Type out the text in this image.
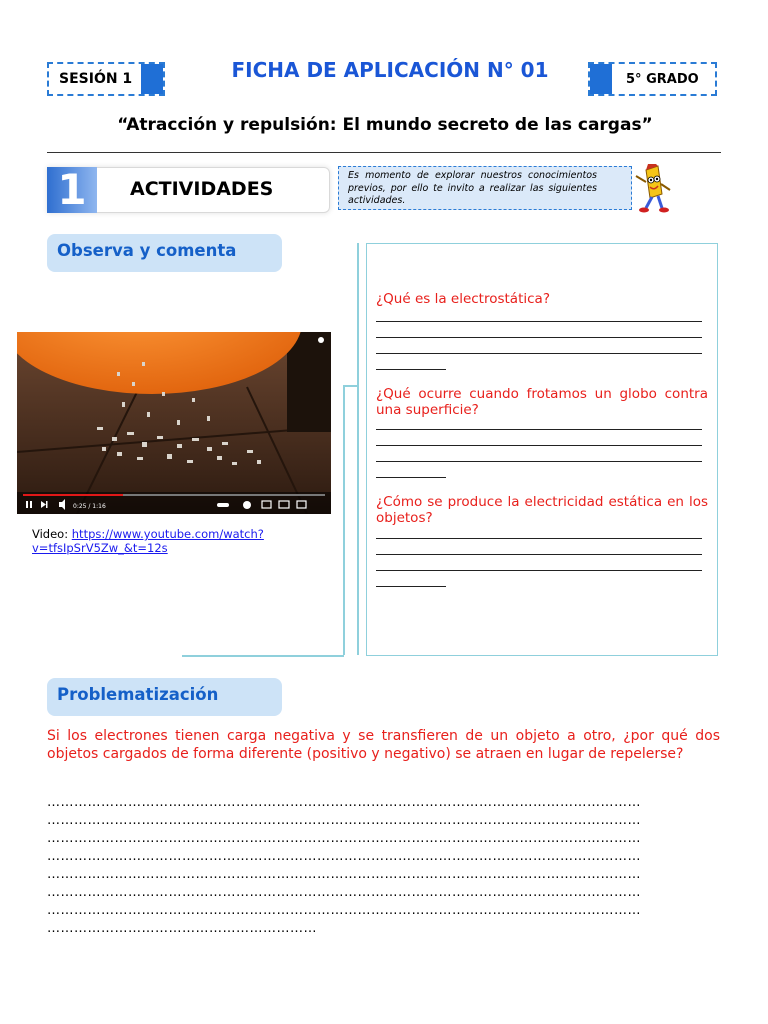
SESIÓN 1	FICHA DE APLICACIÓN N° 01	5° GRADO
“Atracción y repulsión: El mundo secreto de las cargas”
1	ACTIVIDADES
Es momento de explorar nuestros conocimientos previos, por ello te invito a realizar las siguientes actividades.
Observa y comenta
0:25 / 1:16
Video: https://www.youtube.com/watch?
v=tfsIpSrV5Zw_&t=12s
¿Qué es la electrostática?
¿Qué ocurre cuando frotamos un globo contra una superficie?
¿Cómo se produce la electricidad estática en los objetos?
Problematización
Si los electrones tienen carga negativa y se transfieren de un objeto a otro, ¿por qué dos objetos cargados de forma diferente (positivo y negativo) se atraen en lugar de repelerse?
……………………………………………………………………………………………………………………
……………………………………………………………………………………………………………………
……………………………………………………………………………………………………………………
……………………………………………………………………………………………………………………
……………………………………………………………………………………………………………………
……………………………………………………………………………………………………………………
……………………………………………………………………………………………………………………
……………………………………………………
